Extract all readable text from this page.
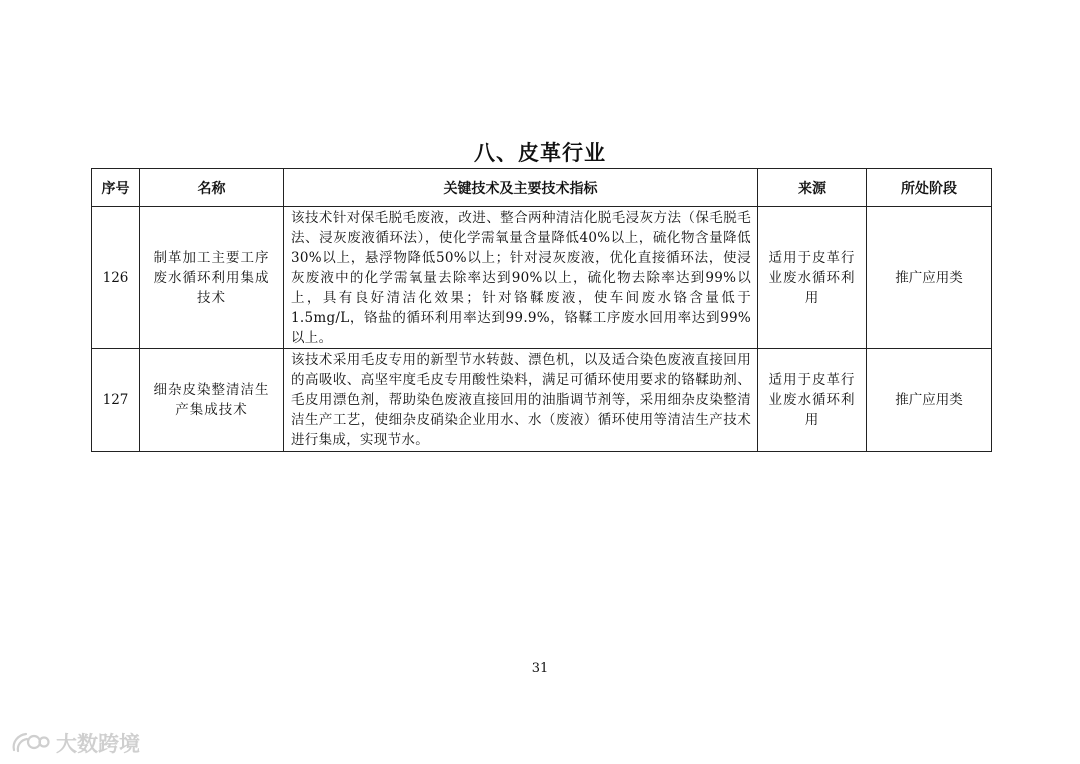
八、皮革行业
序号	名称	关键技术及主要技术指标	来源	所处阶段
126	制革加工主要工序废水循环利用集成技术	该技术针对保毛脱毛废液，改进、整合两种清洁化脱毛浸灰方法（保毛脱毛法、浸灰废液循环法），使化学需氧量含量降低40%以上，硫化物含量降低30%以上，悬浮物降低50%以上；针对浸灰废液，优化直接循环法，使浸灰废液中的化学需氧量去除率达到90%以上，硫化物去除率达到99%以上，具有良好清洁化效果；针对铬鞣废液，使车间废水铬含量低于1.5mg/L，铬盐的循环利用率达到99.9%，铬鞣工序废水回用率达到99%以上。	适用于皮革行业废水循环利用	推广应用类
127	细杂皮染整清洁生产集成技术	该技术采用毛皮专用的新型节水转鼓、漂色机，以及适合染色废液直接回用的高吸收、高坚牢度毛皮专用酸性染料，满足可循环使用要求的铬鞣助剂、毛皮用漂色剂，帮助染色废液直接回用的油脂调节剂等，采用细杂皮染整清洁生产工艺，使细杂皮硝染企业用水、水（废液）循环使用等清洁生产技术进行集成，实现节水。	适用于皮革行业废水循环利用	推广应用类
31
大数跨境
